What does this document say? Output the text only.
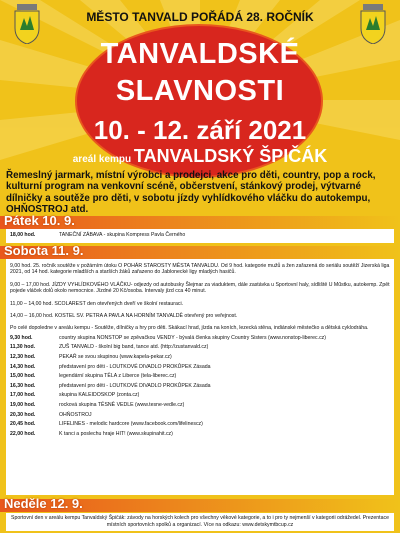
MĚSTO TANVALD POŘÁDÁ 28. ROČNÍK
TANVALDSKÉ
SLAVNOSTI
10. - 12. září 2021
areál kempu TANVALDSKÝ ŠPIČÁK
Řemeslný jarmark, místní výrobci a prodejci, akce pro děti, country, pop a rock, kulturní program na venkovní scéně, občerstvení, stánkový prodej, výtvarné dílničky a soutěže pro děti, v sobotu jízdy vyhlídkového vláčku do autokempu, OHŇOSTROJ atd.
Pátek 10. 9.
18,00 hod.	TANEČNÍ ZÁBAVA - skupina Kompress Pavla Černého
Sobota 11. 9.

9,00 hod. 25. ročník soutěže v požárním útoku O POHÁR STAROSTY MĚSTA TANVALDU. Od 9 hod. kategorie mužů a žen zařazená do seriálu soutěží Jizerská liga 2021, od 14 hod. kategorie mladších a starších žáků zařazeno do Jablonecké ligy mladých hasičů.

9,00 – 17,00 hod. JÍZDY VYHLÍDKOVÉHO VLÁČKU- odjezdy od autobusky Šlejmar za viaduktem, dále zastávka u Sportovní haly, sídliště U Műstku, autokemp. Zpět pojede vláček dolů okolo nemocnice. Jízdné 20 Kč/osoba. Intervaly jízd cca 40 minut.

11,00 – 14,00 hod. SCOLAREST den otevřených dveří ve školní restauraci.

14,00 – 16,00 hod. KOSTEL SV. PETRA A PAVLA NA HORNÍM TANVALDĚ otevřený pro veřejnost.

Po celé dopoledne v areálu kempu - Soutěže, dílničky a hry pro děti. Skákací hrad, jízda na koních, lezecká stěna, indiánské městečko a dětská cyklodráha.

9,30 hod.	country skupina NONSTOP se zpěvačkou VENDY - bývalá členka skupiny Country Sisters (www.nonstop-liberec.cz)
11,30 hod.	ZUŠ TANVALD - školní big band, tance atd. (http://zustanvald.cz)
12,30 hod.	PEKAŘ se svou skupinou (www.kapela-pekar.cz)
14,30 hod.	představení pro děti - LOUTKOVÉ DIVADLO PROKŮPEK Zásada
15,00 hod.	legendární skupina TĚLA z Liberce (tela-liberec.cz)
16,30 hod.	představení pro děti - LOUTKOVÉ DIVADLO PROKŮPEK Zásada
17,00 hod.	skupina KALEIDOSKOP (zonta.cz)
19,00 hod.	rocková skupina TĚSNĚ VEDLE (www.tesne-vedle.cz)
20,30 hod.	OHŇOSTROJ
20,45 hod.	LIFELINES - melodic hardcore (www.facebook.com/lifelinescz)
22,00 hod.	K tanci a poslechu hraje HIT! (www.skupinahit.cz)
Neděle 12. 9.
Sportovní den v areálu kempu Tanvaldský Špičák: závody na horských kolech pro všechny věkové kategorie, a to i pro ty nejmenší v kategorii odrážedel. Prezentace místních sportovních spolků a organizací. Více na odkazu: www.detskymtbcup.cz
